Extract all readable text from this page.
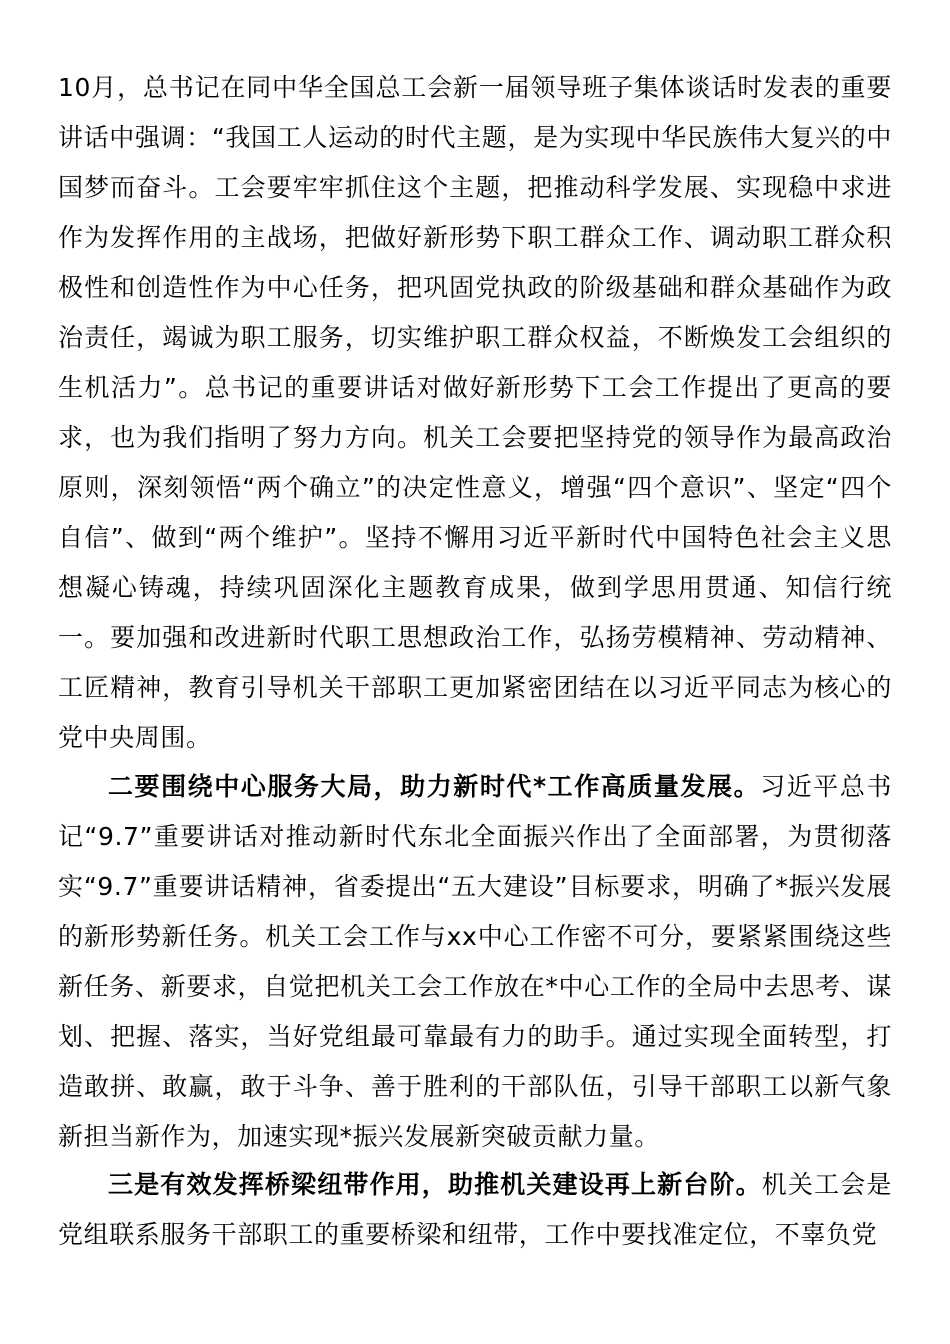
10月，总书记在同中华全国总工会新一届领导班子集体谈话时发表的重要讲话中强调：“我国工人运动的时代主题，是为实现中华民族伟大复兴的中国梦而奋斗。工会要牢牢抓住这个主题，把推动科学发展、实现稳中求进作为发挥作用的主战场，把做好新形势下职工群众工作、调动职工群众积极性和创造性作为中心任务，把巩固党执政的阶级基础和群众基础作为政治责任，竭诚为职工服务，切实维护职工群众权益，不断焕发工会组织的生机活力”。总书记的重要讲话对做好新形势下工会工作提出了更高的要求，也为我们指明了努力方向。机关工会要把坚持党的领导作为最高政治原则，深刻领悟“两个确立”的决定性意义，增强“四个意识”、坚定“四个自信”、做到“两个维护”。坚持不懈用习近平新时代中国特色社会主义思想凝心铸魂，持续巩固深化主题教育成果，做到学思用贯通、知信行统一。要加强和改进新时代职工思想政治工作，弘扬劳模精神、劳动精神、工匠精神，教育引导机关干部职工更加紧密团结在以习近平同志为核心的党中央周围。

二要围绕中心服务大局，助力新时代*工作高质量发展。习近平总书记“9.7”重要讲话对推动新时代东北全面振兴作出了全面部署，为贯彻落实“9.7”重要讲话精神，省委提出“五大建设”目标要求，明确了*振兴发展的新形势新任务。机关工会工作与xx中心工作密不可分，要紧紧围绕这些新任务、新要求，自觉把机关工会工作放在*中心工作的全局中去思考、谋划、把握、落实，当好党组最可靠最有力的助手。通过实现全面转型，打造敢拼、敢赢，敢于斗争、善于胜利的干部队伍，引导干部职工以新气象新担当新作为，加速实现*振兴发展新突破贡献力量。

三是有效发挥桥梁纽带作用，助推机关建设再上新台阶。机关工会是党组联系服务干部职工的重要桥梁和纽带，工作中要找准定位，不辜负党
